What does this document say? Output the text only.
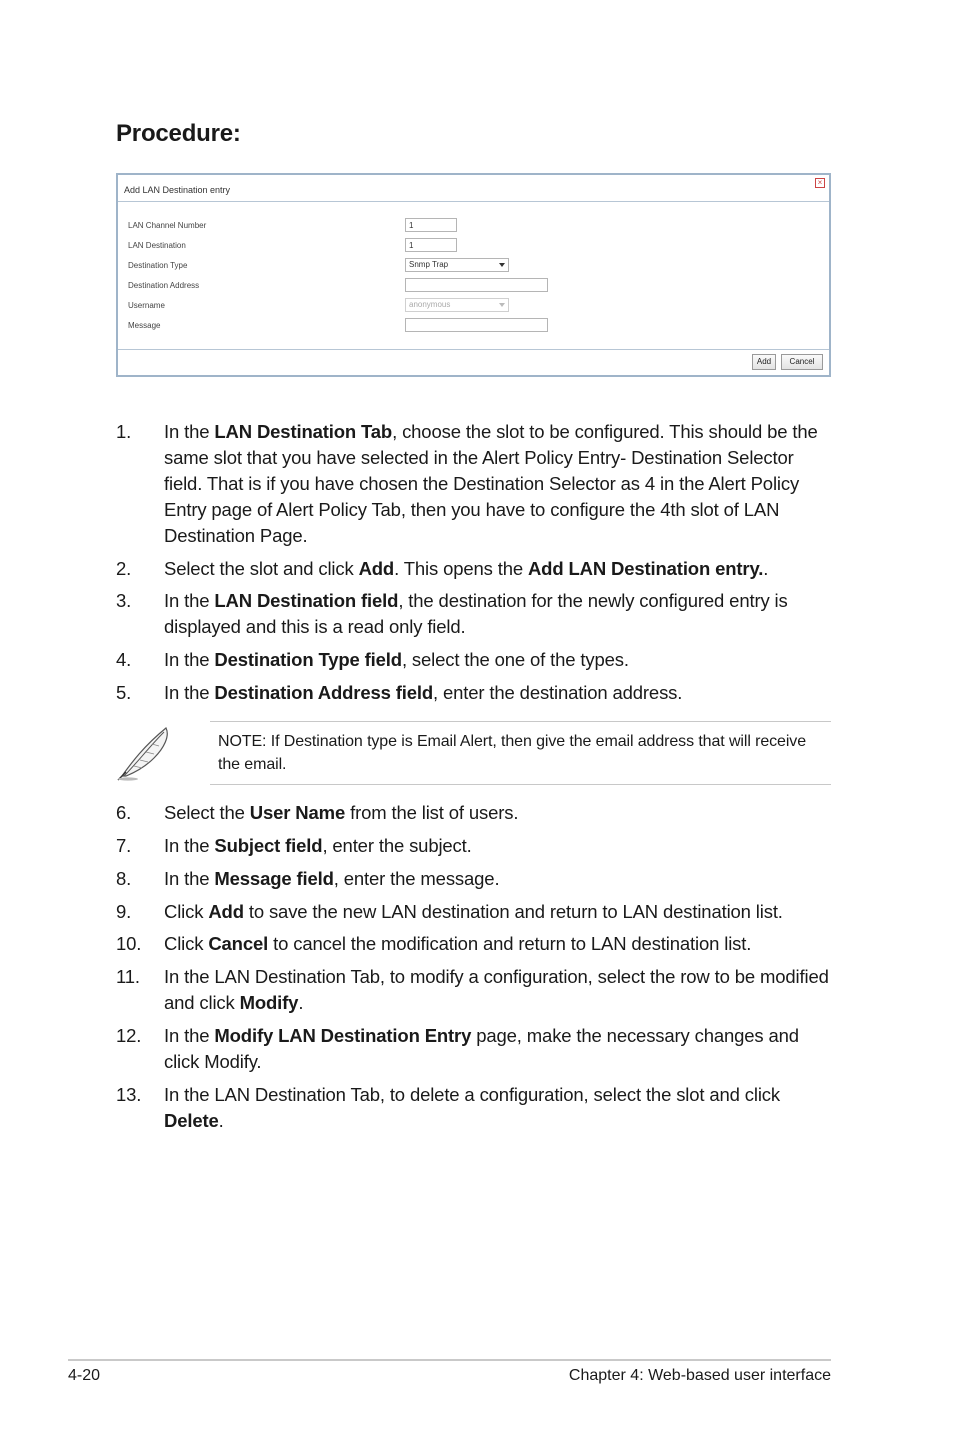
Procedure:
Add LAN Destination entry
×
LAN Channel Number	1
LAN Destination	1
Destination Type	Snmp Trap
Destination Address
Username	anonymous
Message
Add	Cancel
1. In the LAN Destination Tab, choose the slot to be configured. This should be the same slot that you have selected in the Alert Policy Entry- Destination Selector field. That is if you have chosen the Destination Selector as 4 in the Alert Policy Entry page of Alert Policy Tab, then you have to configure the 4th slot of LAN Destination Page.
2. Select the slot and click Add. This opens the Add LAN Destination entry..
3. In the LAN Destination field, the destination for the newly configured entry is displayed and this is a read only field.
4. In the Destination Type field, select the one of the types.
5. In the Destination Address field, enter the destination address.
NOTE: If Destination type is Email Alert, then give the email address that will receive the email.
6. Select the User Name from the list of users.
7. In the Subject field, enter the subject.
8. In the Message field, enter the message.
9. Click Add to save the new LAN destination and return to LAN destination list.
10. Click Cancel to cancel the modification and return to LAN destination list.
11. In the LAN Destination Tab, to modify a configuration, select the row to be modified and click Modify.
12. In the Modify LAN Destination Entry page, make the necessary changes and click Modify.
13. In the LAN Destination Tab, to delete a configuration, select the slot and click Delete.
4-20	Chapter 4: Web-based user interface
